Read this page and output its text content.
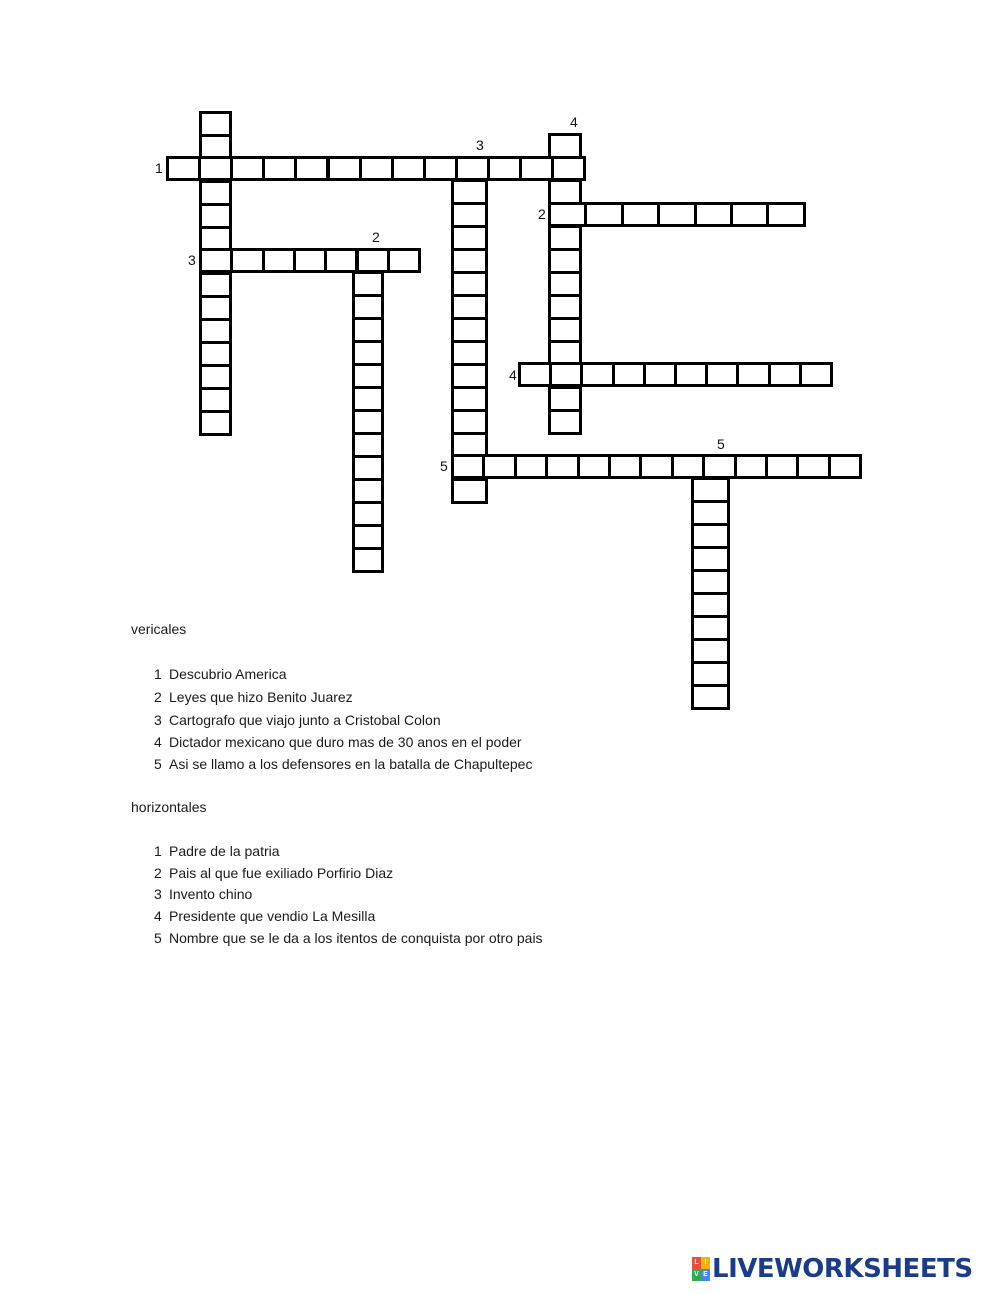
1
2
3
4
5
2
3
4
5
vericales
1 Descubrio America
2 Leyes que hizo Benito Juarez
3 Cartografo que viajo junto a Cristobal Colon
4 Dictador mexicano que duro mas de 30 anos en el poder
5 Asi se llamo a los defensores en la batalla de Chapultepec
horizontales
1 Padre de la patria
2 Pais al que fue exiliado Porfirio Diaz
3 Invento chino
4 Presidente que vendio La Mesilla
5 Nombre que se le da a los itentos de conquista por otro pais
L I
V E LIVEWORKSHEETS
